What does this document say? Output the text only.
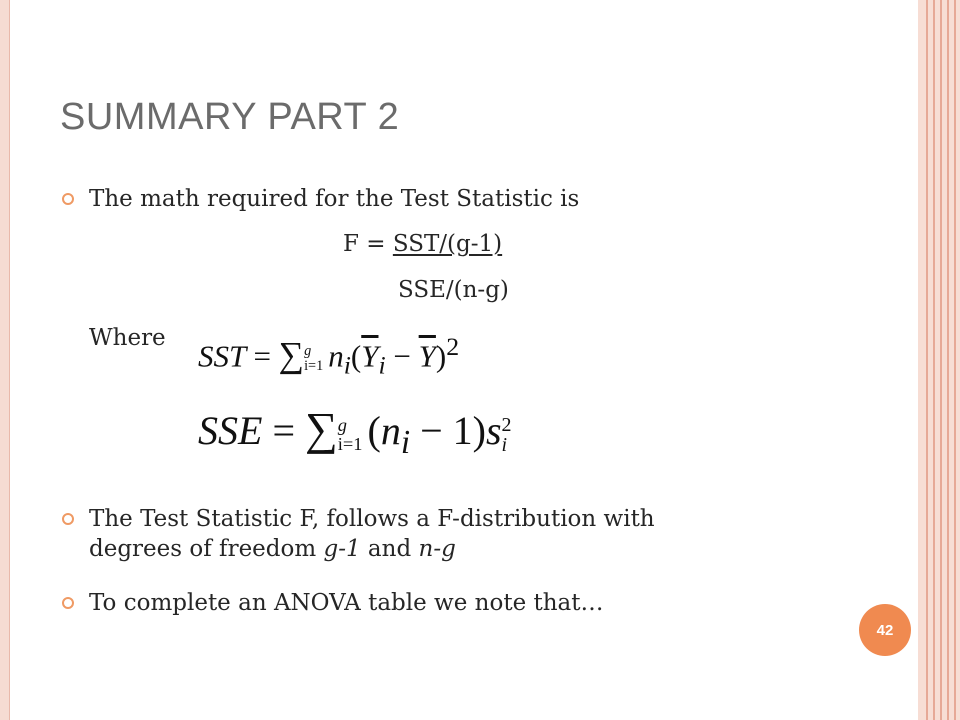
SUMMARY PART 2
The math required for the Test Statistic is
F = SST/(g-1)
SSE/(n-g)
Where
SST = ∑ g
i=1 $n_i(\overline{Y}_i - \overline{Y})^2$
SSE = ∑ g
i=1 $(n_i - 1)s$ 2
i
The Test Statistic F, follows a F-distribution with
degrees of freedom g-1 and n-g
To complete an ANOVA table we note that…
42
